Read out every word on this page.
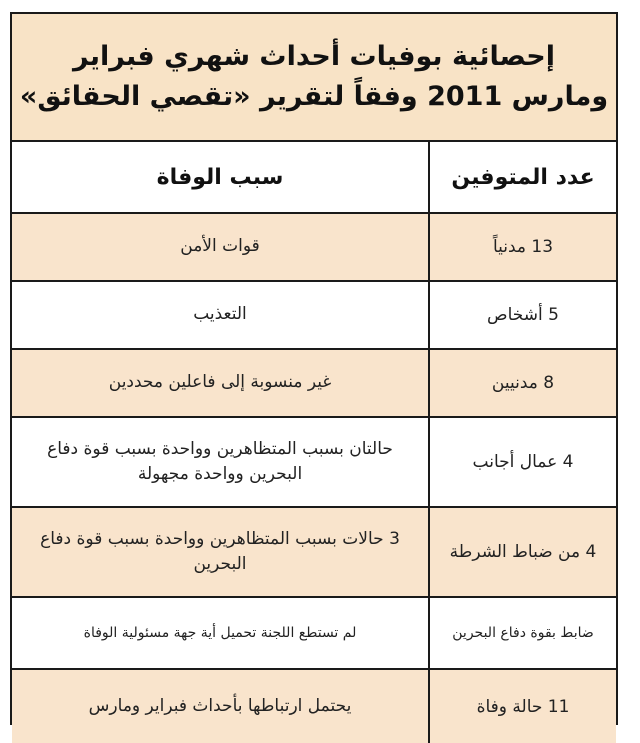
إحصائية بوفيات أحداث شهري فبراير
ومارس 2011 وفقاً لتقرير «تقصي الحقائق»
عدد المتوفين
سبب الوفاة
13 مدنياً
قوات الأمن
5 أشخاص
التعذيب
8 مدنيين
غير منسوبة إلى فاعلين محددين
4 عمال أجانب
حالتان بسبب المتظاهرين وواحدة بسبب قوة دفاع البحرين وواحدة مجهولة
4 من ضباط الشرطة
3 حالات بسبب المتظاهرين وواحدة بسبب قوة دفاع البحرين
ضابط بقوة دفاع البحرين
لم تستطع اللجنة تحميل أية جهة مسئولية الوفاة
11 حالة وفاة
يحتمل ارتباطها بأحداث فبراير ومارس
